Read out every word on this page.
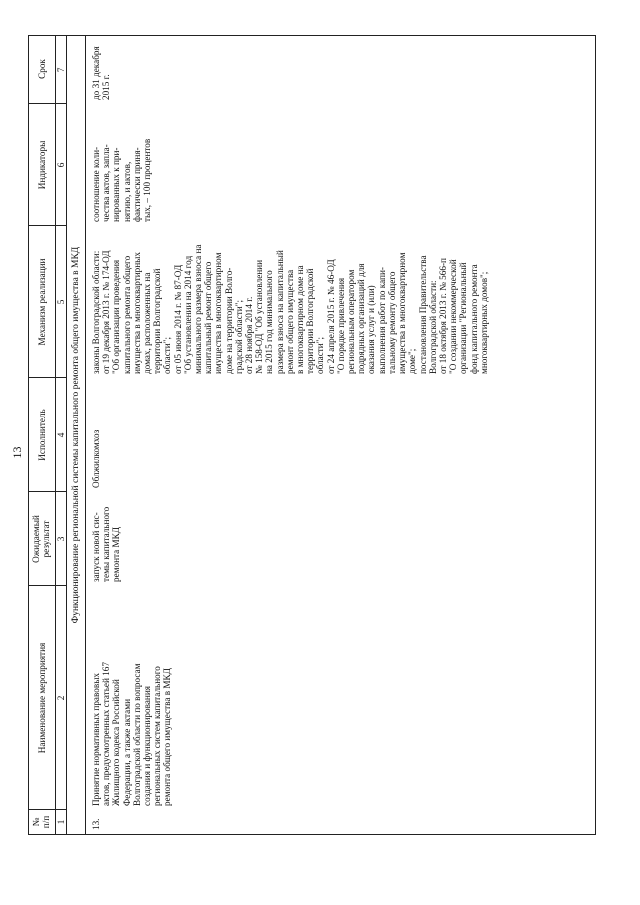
13
№
п/п
Наименование мероприятия
Ожидаемый
результат
Исполнитель
Механизм реализации
Индикаторы
Срок
1
2
3
4
5
6
7
Функционирование региональной системы капитального ремонта общего имущества в МКД
13.
Принятие нормативных правовых
актов, предусмотренных статьей 167
Жилищного кодекса Российской
Федерации, а также актами
Волгоградской области по вопросам
создания и функционирования
региональных систем капитального
ремонта общего имущества в МКД
запуск новой сис-
темы капитального
ремонта МКД
Облжилкомхоз
законы Волгоградской области:
от 19 декабря 2013 г. № 174-ОД
"Об организации проведения
капитального ремонта общего
имущества в многоквартирных
домах, расположенных на
территории Волгоградской
области";
от 05 июня 2014 г. № 87-ОД
"Об установлении на 2014 год
минимального размера взноса на
капитальный ремонт общего
имущества в многоквартирном
доме на территории Волго-
градской области";
от 28 ноября 2014 г.
№ 158-ОД "Об установлении
на 2015 год минимального
размера взноса на капитальный
ремонт общего имущества
в многоквартирном доме на
территории Волгоградской
области";
от 24 апреля 2015 г. № 46-ОД
"О порядке привлечения
региональным оператором
подрядных организаций для
оказания услуг и (или)
выполнения работ по капи-
тальному ремонту общего
имущества в многоквартирном
доме";
постановления Правительства
Волгоградской области:
от 18 октября 2013 г. № 566-п
"О создании некоммерческой
организации "Региональный
фонд капитального ремонта
многоквартирных домов";
соотношение коли-
чества актов, запла-
нированных к при-
нятию, и актов,
фактически приня-
тых, – 100 процентов
до 31 декабря 2015 г.
